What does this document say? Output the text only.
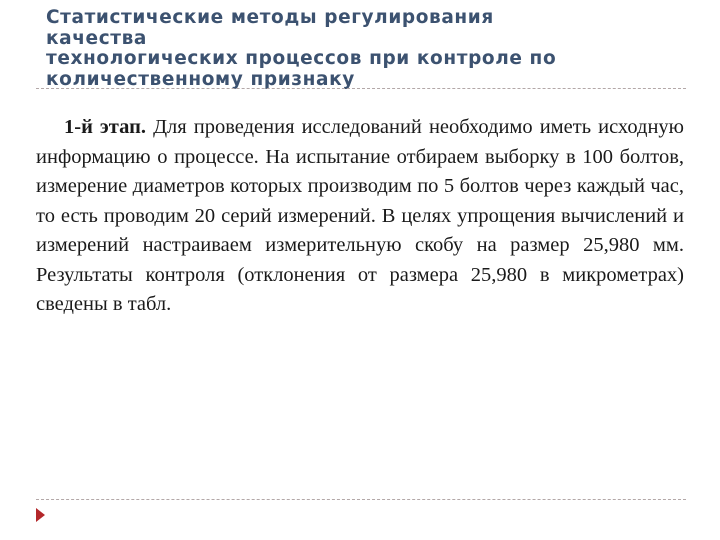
Статистические методы регулирования
качества
технологических процессов при контроле по
количественному признаку

1-й этап. Для проведения исследований необходимо иметь исходную информацию о процессе. На испытание отбираем выборку в 100 болтов, измерение диаметров которых производим по 5 болтов через каждый час, то есть проводим 20 серий измерений. В целях упрощения вычислений и измерений настраиваем измерительную скобу на размер 25,980 мм. Результаты контроля (отклонения от размера 25,980 в микрометрах) сведены в табл.
